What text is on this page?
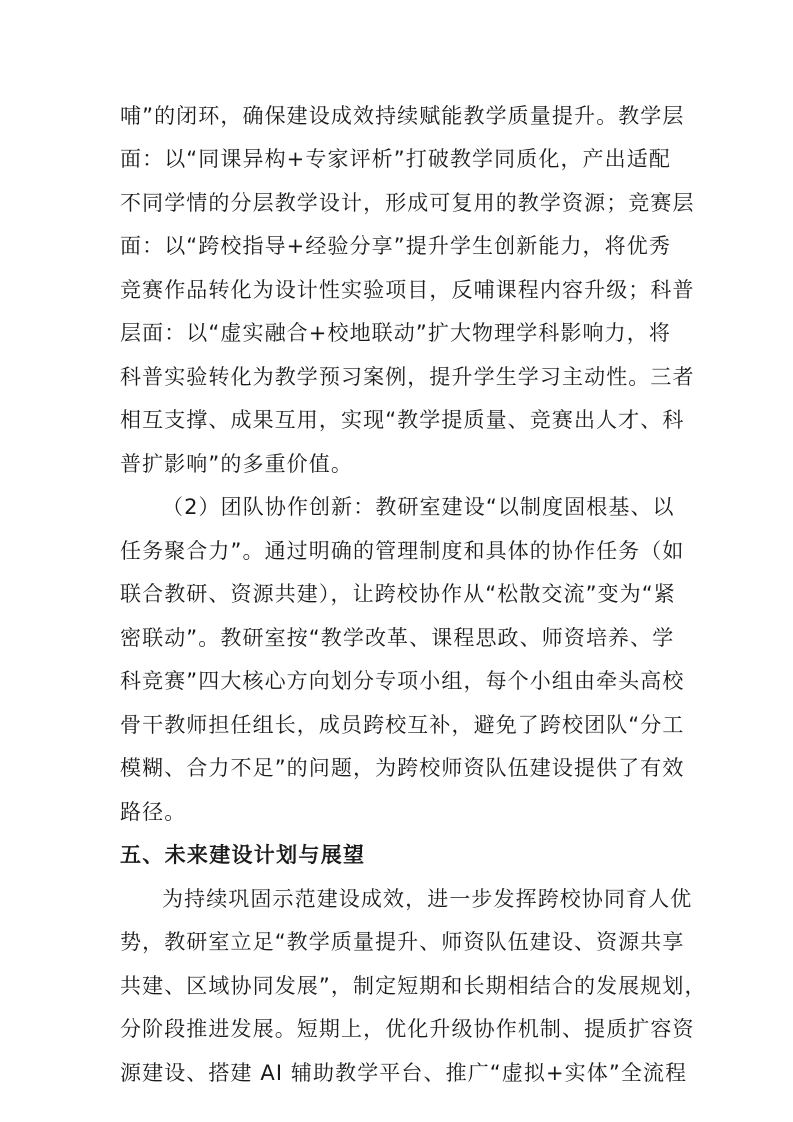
哺”的闭环，确保建设成效持续赋能教学质量提升。教学层
面：以“同课异构+专家评析”打破教学同质化，产出适配
不同学情的分层教学设计，形成可复用的教学资源；竞赛层
面：以“跨校指导+经验分享”提升学生创新能力，将优秀
竞赛作品转化为设计性实验项目，反哺课程内容升级；科普
层面：以“虚实融合+校地联动”扩大物理学科影响力，将
科普实验转化为教学预习案例，提升学生学习主动性。三者
相互支撑、成果互用，实现“教学提质量、竞赛出人才、科
普扩影响”的多重价值。
（2）团队协作创新：教研室建设“以制度固根基、以
任务聚合力”。通过明确的管理制度和具体的协作任务（如
联合教研、资源共建），让跨校协作从“松散交流”变为“紧
密联动”。教研室按“教学改革、课程思政、师资培养、学
科竞赛”四大核心方向划分专项小组，每个小组由牵头高校
骨干教师担任组长，成员跨校互补，避免了跨校团队“分工
模糊、合力不足”的问题，为跨校师资队伍建设提供了有效
路径。
五、未来建设计划与展望
为持续巩固示范建设成效，进一步发挥跨校协同育人优
势，教研室立足“教学质量提升、师资队伍建设、资源共享
共建、区域协同发展”，制定短期和长期相结合的发展规划，
分阶段推进发展。短期上，优化升级协作机制、提质扩容资
源建设、搭建 AI 辅助教学平台、推广“虚拟+实体”全流程
